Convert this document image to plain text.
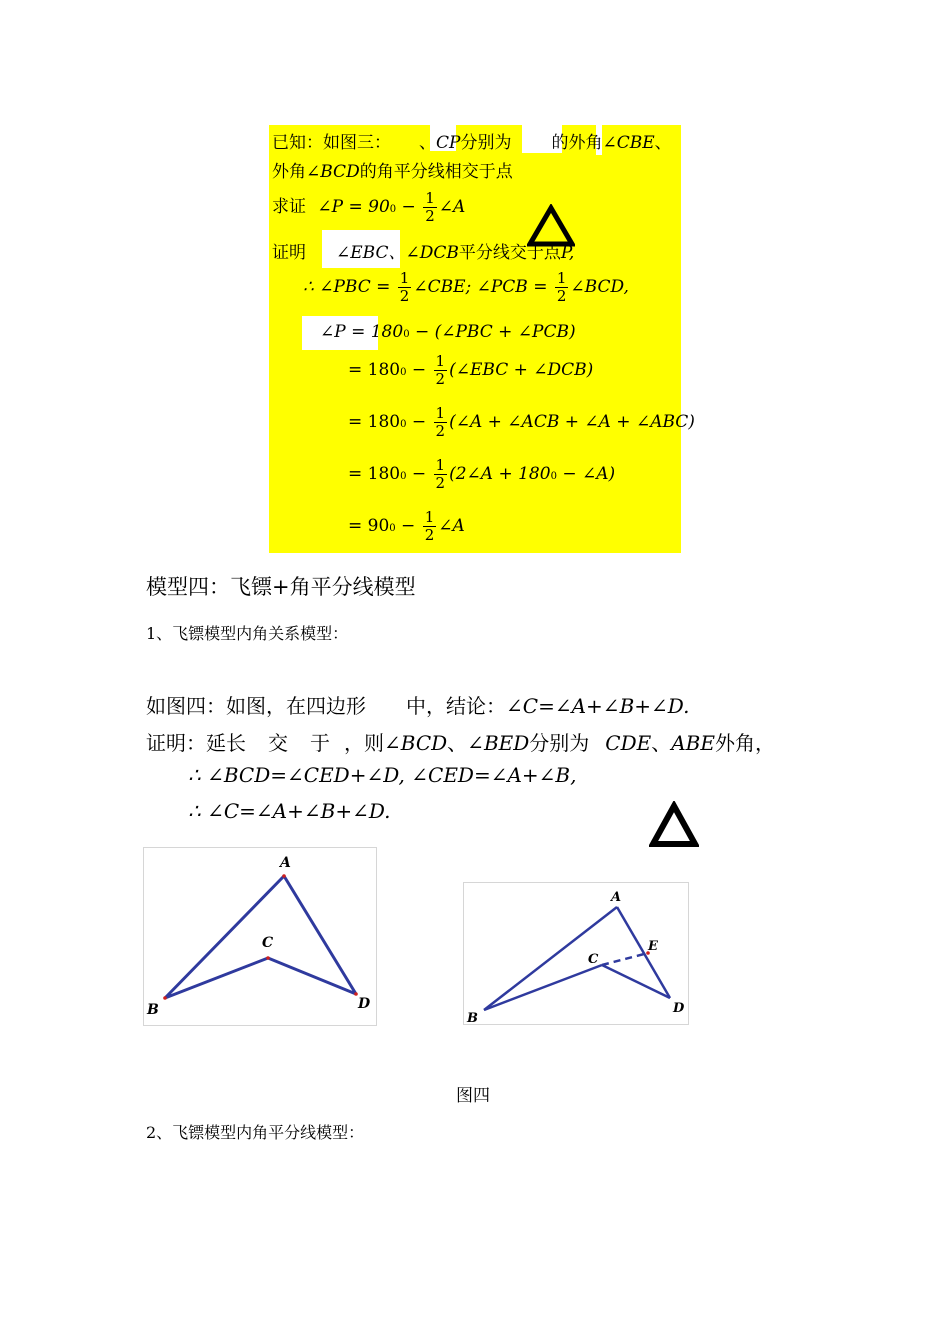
已知：如图三： 、CP分别为 的外角∠CBE、
外角∠BCD的角平分线相交于点
求证 ∠P = $900 - \frac{1}{2}$ ∠A
证明 ∠EBC、∠DCB平分线交于点P,
∴ ∠PBC = $\frac{1}{2}$ ∠CBE; ∠PCB = $\frac{1}{2}$ ∠BCD,
∠P = 1800 − (∠PBC + ∠PCB)
= $1800 - \frac{1}{2}$ (∠EBC + ∠DCB)
= $1800 - \frac{1}{2}$ (∠A + ∠ACB + ∠A + ∠ABC)
= $1800 - \frac{1}{2}$ (2∠A + 1800 − ∠A)
= $900 - \frac{1}{2}$ ∠A
模型四：飞镖+角平分线模型
1、飞镖模型内角关系模型：
如图四：如图，在四边形 中，结论：∠C=∠A+∠B+∠D.
证明：延长 交 于 ，则∠BCD、∠BED分别为 CDE、ABE外角，
∴ ∠BCD=∠CED+∠D, ∠CED=∠A+∠B,
∴ ∠C=∠A+∠B+∠D.
A
C
D
B
A
C
E
D
B
图四
2、飞镖模型内角平分线模型：
